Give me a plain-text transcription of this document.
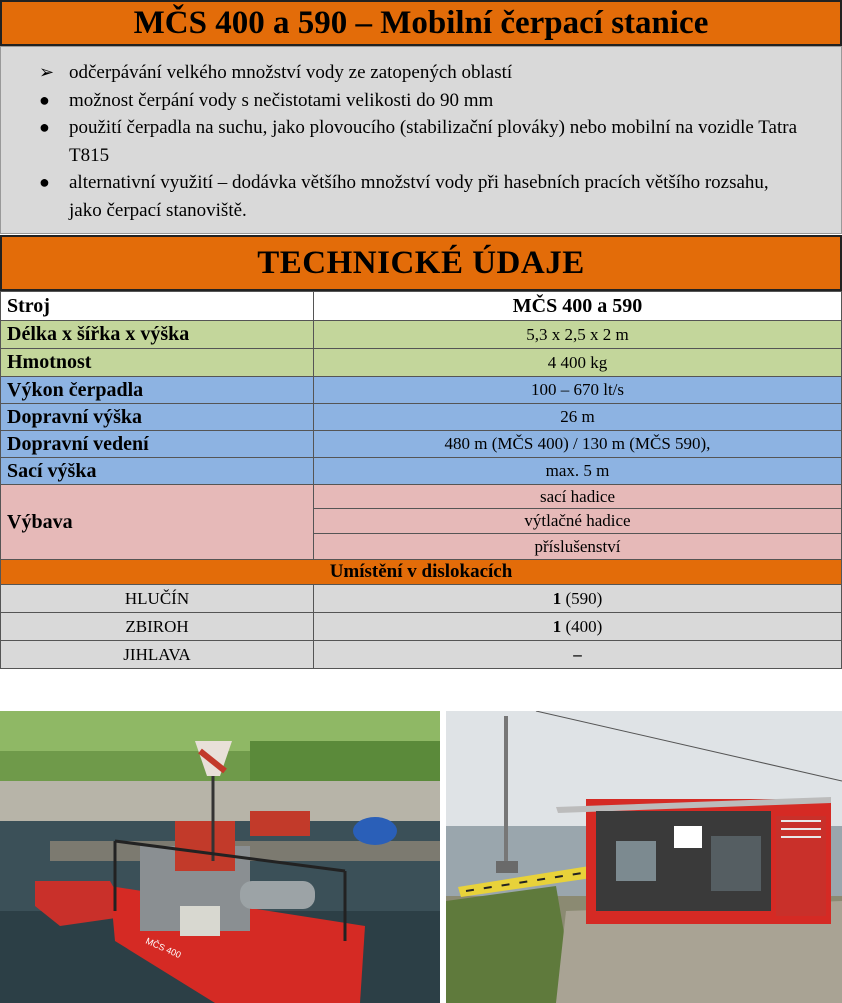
MČS 400 a 590 – Mobilní čerpací stanice
➢ odčerpávání velkého množství vody ze zatopených oblastí
● možnost čerpání vody s nečistotami velikosti do 90 mm
● použití čerpadla na suchu, jako plovoucího (stabilizační plováky) nebo mobilní na vozidle Tatra T815
● alternativní využití – dodávka většího množství vody při hasebních pracích většího rozsahu, jako čerpací stanoviště.
TECHNICKÉ ÚDAJE
Stroj	MČS 400 a 590
Délka x šířka x výška	5,3 x 2,5 x 2 m
Hmotnost	4 400 kg
Výkon čerpadla	100 – 670 lt/s
Dopravní výška	26 m
Dopravní vedení	480 m (MČS 400) / 130 m (MČS 590),
Sací výška	max. 5 m
Výbava	sací hadice
	výtlačné hadice
	příslušenství
Umístění v dislokacích	
HLUČÍN	1 (590)
ZBIROH	1 (400)
JIHLAVA	–
MČS 400
